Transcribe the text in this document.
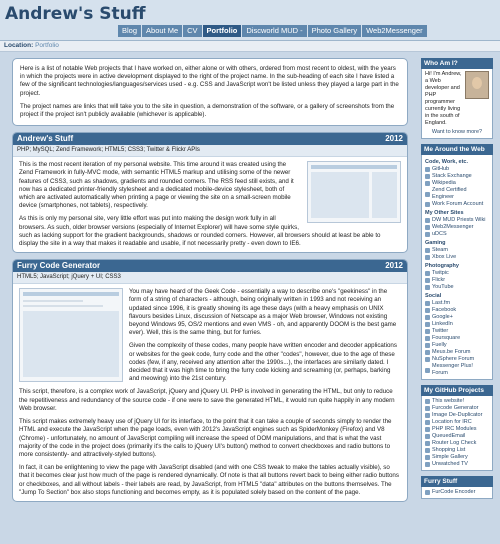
Andrew's Stuff
Blog	About Me	CV	Portfolio	Discworld MUD -	Photo Gallery	Web2Messenger
Location: Portfolio

Here is a list of notable Web projects that I have worked on, either alone or with others, ordered from most recent to oldest, with the years in which the projects were in active development displayed to the right of the project name. In the sub-heading of each site I have listed a few of the significant technologies/languages/services used - e.g. CSS and JavaScript won't be listed unless they played a large part in the project.

The project names are links that will take you to the site in question, a demonstration of the software, or a gallery of screenshots from the project if the project isn't publicly available (whichever is applicable).

Andrew's Stuff	2012
PHP; MySQL; Zend Framework; HTML5; CSS3; Twitter & Flickr APIs

This is the most recent iteration of my personal website. This time around it was created using the Zend Framework in fully-MVC mode, with semantic HTML5 markup and utilising some of the newer features of CSS3, such as shadows, gradients and rounded corners. The RSS feed still exists, and it now has a dedicated printer-friendly stylesheet and a dedicated mobile-device stylesheet, both of which are activated automatically when printing a page or viewing the site on a small-screen mobile device (smartphones, not tablets), respectively.

As this is only my personal site, very little effort was put into making the design work fully in all browsers. As such, older browser versions (especially of Internet Explorer) will have some style quirks, such as lacking support for the gradient backgrounds, shadows or rounded corners. However, all browsers should at least be able to display the site in a way that makes it readable and usable, if not necessarily pretty - even down to IE6.

Furry Code Generator	2012
HTML5; JavaScript; jQuery + UI; CSS3

You may have heard of the Geek Code - essentially a way to describe one's "geekiness" in the form of a string of characters - although, being originally written in 1993 and not receiving an updated since 1996, it is greatly showing its age these days (with a heavy emphasis on UNIX flavours besides Linux, discussion of Netscape as a major Web browser, Windows not existing beyond Windows 95, OS/2 mentions and even VMS - oh, and apparently DOOM is the best game ever). Well, this is the same thing, but for furries.

Given the complexity of these codes, many people have written encoder and decoder applications or websites for the geek code, furry code and the other "codes", however, due to the age of these codes (few, if any, received any attention after the 1990s...), the interfaces are similarly dated. I decided that it was high time to bring the furry code kicking and screaming (or, perhaps, barking and meowing) into the 21st century.

This script, therefore, is a complex work of JavaScript, jQuery and jQuery UI. PHP is involved in generating the HTML, but only to reduce the repetitiveness and redundancy of the source code - if one were to save the generated HTML, it would run quite happily in any modern Web browser.

This script makes extremely heavy use of jQuery UI for its interface, to the point that it can take a couple of seconds simply to render the HTML and execute the JavaScript when the page loads, even with 2012's JavaScript engines such as SpiderMonkey (Firefox) and V8 (Chrome) - unfortunately, no amount of JavaScript compiling will increase the speed of DOM manipulations, and that is what the vast majority of the code in the project does (primarily it's the calls to jQuery UI's button() method to convert checkboxes and radio buttons to more consistently- and attractively-styled buttons).

In fact, it can be enlightening to view the page with JavaScript disabled (and with one CSS tweak to make the tables actually visible), so that it becomes clear just how much of the page is rendered dynamically. Of note is that all buttons revert back to being either radio buttons or checkboxes, and all without labels - their labels are read, by JavaScript, from HTML5 "data" attributes on the buttons themselves. The "Jump To Section" box also stops functioning and becomes empty, as it is populated solely based on the content of the page.

Who Am I?
Hi! I'm Andrew, a Web developer and PHP programmer currently living in the south of England.
Want to know more?
Me Around the Web
Code, Work, etc.
GitHub
Stack Exchange
Wikipedia
Zend Certified Engineer
Work Forum Account
My Other Sites
DW MUD Priests Wiki
Web2Messenger
uDCS
Gaming
Steam
Xbox Live
Photography
Twitpic
Flickr
YouTube
Social
Last.fm
Facebook
Google+
LinkedIn
Twitter
Foursquare
Fuelly
Meus.be Forum
NuSphere Forum
Messenger Plus! Forum
My GitHub Projects
This website!
Furcode Generator
Image De-Duplicator
Location for IRC
PHP IRC Modules
QueuedEmail
Router Log Check
Shopping List
Simple Gallery
Unwatched TV
Furry Stuff
FurCode Encoder
